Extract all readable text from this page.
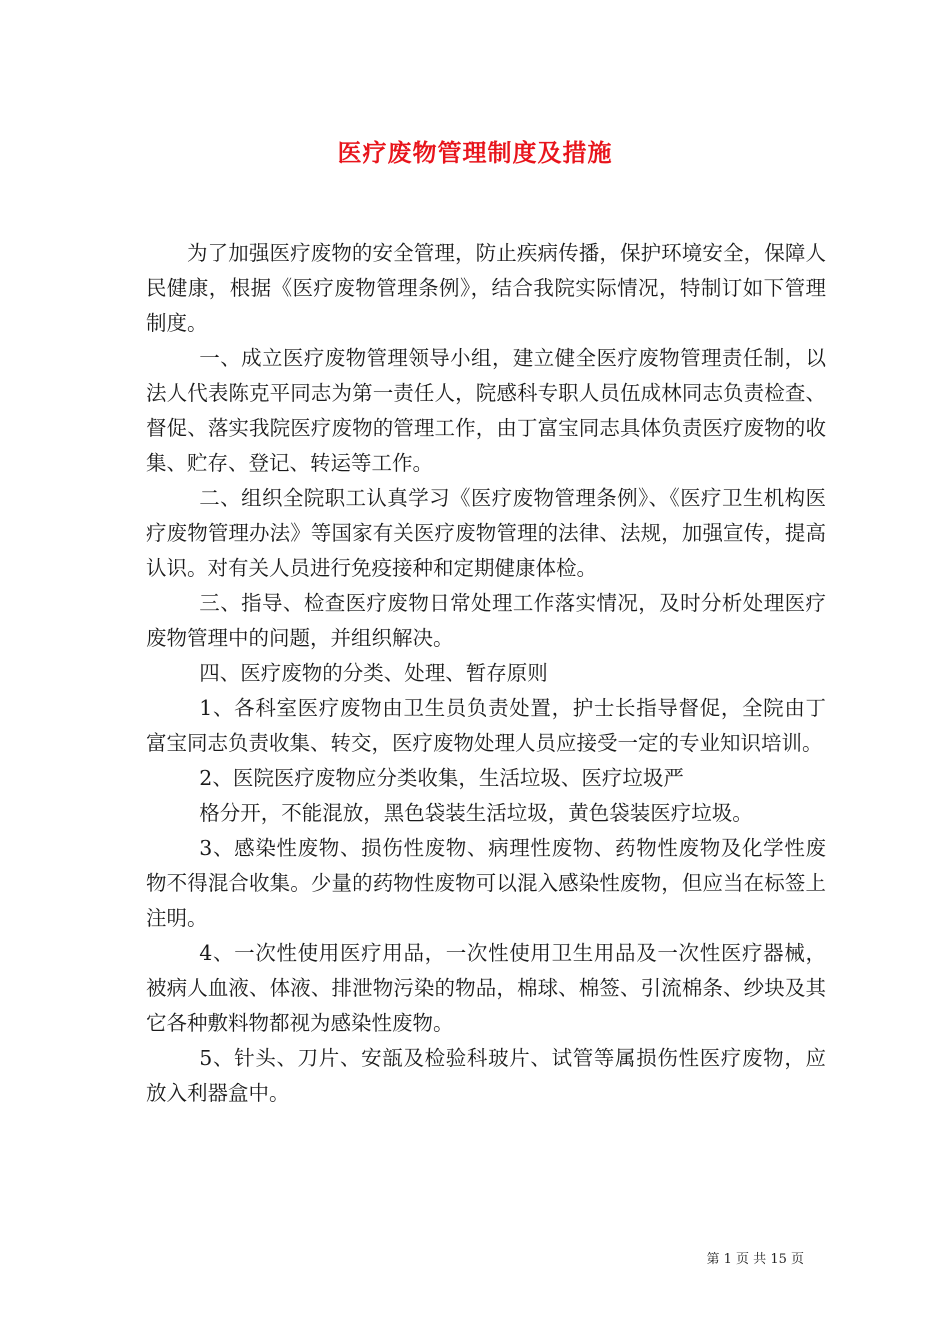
医疗废物管理制度及措施

为了加强医疗废物的安全管理，防止疾病传播，保护环境安全，保障人民健康，根据《医疗废物管理条例》，结合我院实际情况，特制订如下管理制度。

一、成立医疗废物管理领导小组，建立健全医疗废物管理责任制，以法人代表陈克平同志为第一责任人，院感科专职人员伍成林同志负责检查、督促、落实我院医疗废物的管理工作，由丁富宝同志具体负责医疗废物的收集、贮存、登记、转运等工作。

二、组织全院职工认真学习《医疗废物管理条例》、《医疗卫生机构医疗废物管理办法》等国家有关医疗废物管理的法律、法规，加强宣传，提高认识。对有关人员进行免疫接种和定期健康体检。

三、指导、检查医疗废物日常处理工作落实情况，及时分析处理医疗废物管理中的问题，并组织解决。

四、医疗废物的分类、处理、暂存原则

1、各科室医疗废物由卫生员负责处置，护士长指导督促，全院由丁富宝同志负责收集、转交，医疗废物处理人员应接受一定的专业知识培训。

2、医院医疗废物应分类收集，生活垃圾、医疗垃圾严

格分开，不能混放，黑色袋装生活垃圾，黄色袋装医疗垃圾。

3、感染性废物、损伤性废物、病理性废物、药物性废物及化学性废物不得混合收集。少量的药物性废物可以混入感染性废物，但应当在标签上注明。

4、一次性使用医疗用品，一次性使用卫生用品及一次性医疗器械，被病人血液、体液、排泄物污染的物品，棉球、棉签、引流棉条、纱块及其它各种敷料物都视为感染性废物。

5、针头、刀片、安瓿及检验科玻片、试管等属损伤性医疗废物，应放入利器盒中。

第 1 页 共 15 页
